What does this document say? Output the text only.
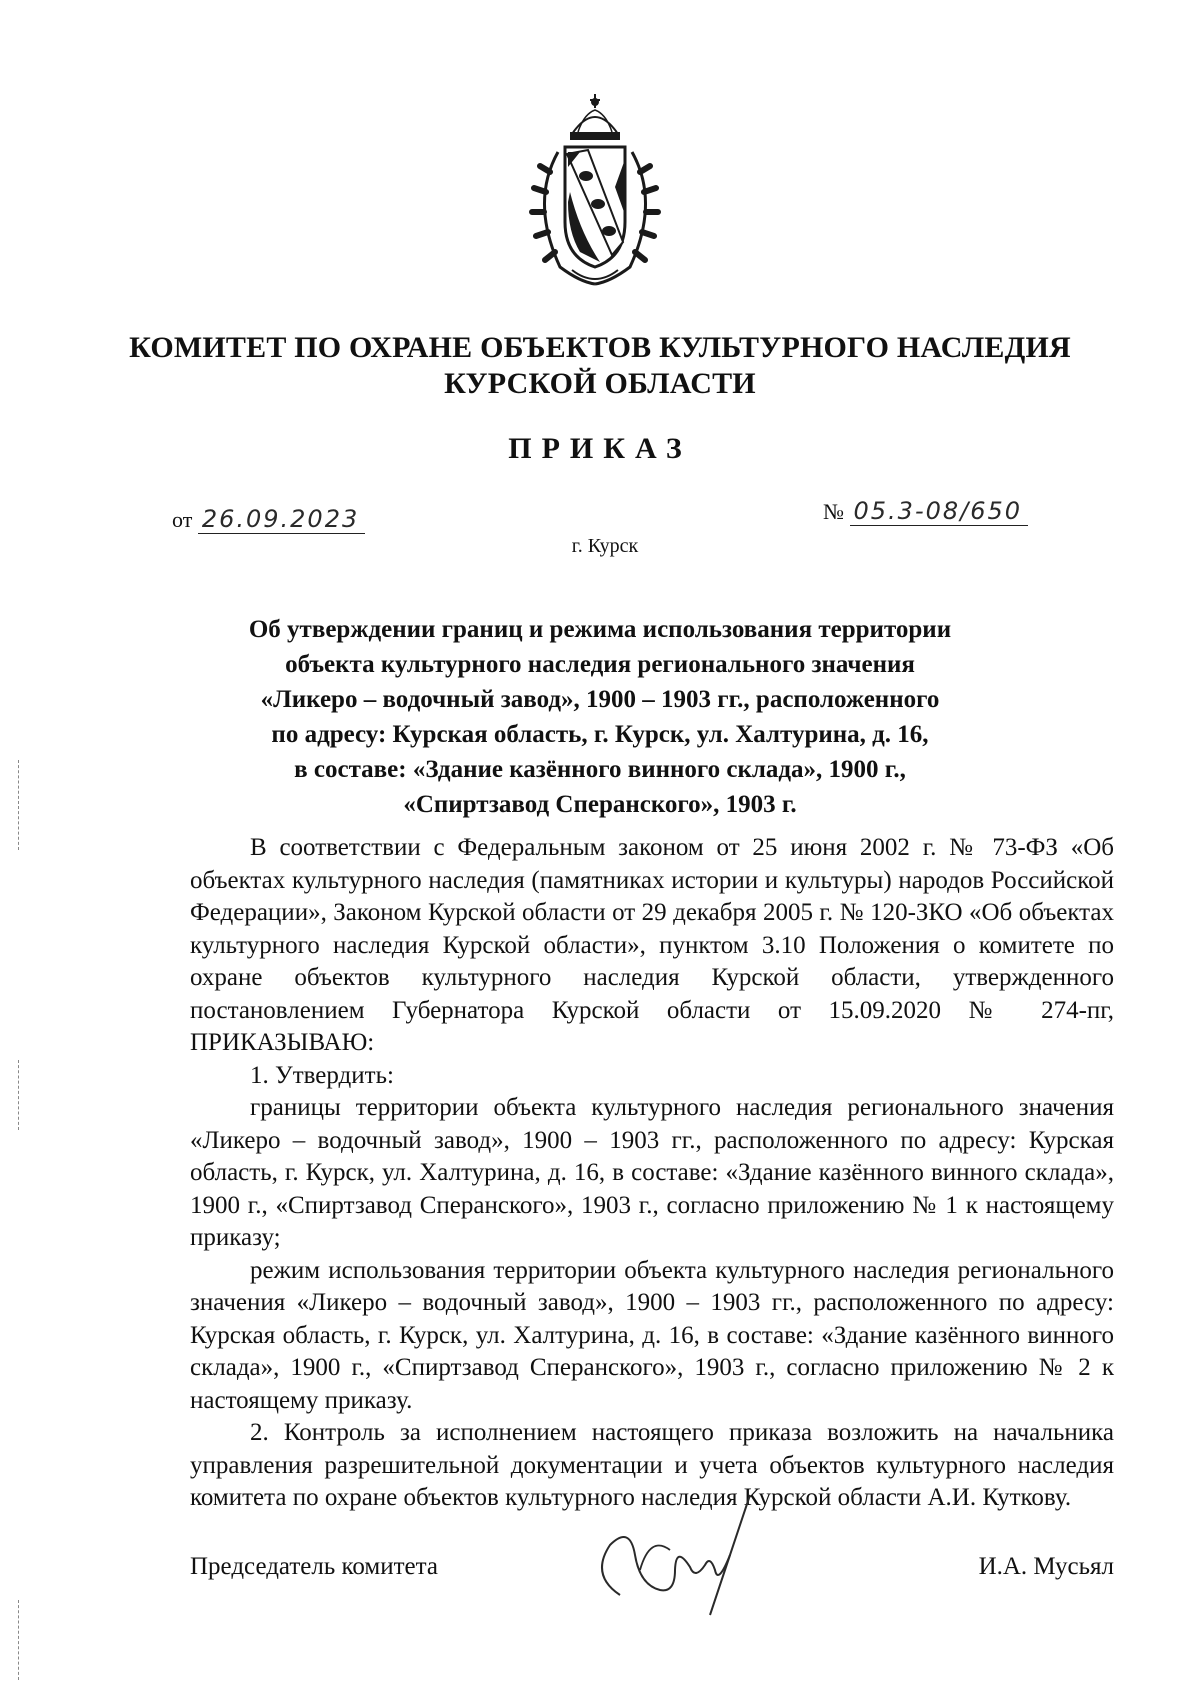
КОМИТЕТ ПО ОХРАНЕ ОБЪЕКТОВ КУЛЬТУРНОГО НАСЛЕДИЯ
КУРСКОЙ ОБЛАСТИ
ПРИКАЗ
от 26.09.2023	№ 05.3-08/650
г. Курск
Об утверждении границ и режима использования территории
объекта культурного наследия регионального значения
«Ликеро – водочный завод», 1900 – 1903 гг., расположенного
по адресу: Курская область, г. Курск, ул. Халтурина, д. 16,
в составе: «Здание казённого винного склада», 1900 г.,
«Спиртзавод Сперанского», 1903 г.

В соответствии с Федеральным законом от 25 июня 2002 г. № 73-ФЗ «Об объектах культурного наследия (памятниках истории и культуры) народов Российской Федерации», Законом Курской области от 29 декабря 2005 г. № 120-ЗКО «Об объектах культурного наследия Курской области», пунктом 3.10 Положения о комитете по охране объектов культурного наследия Курской области, утвержденного постановлением Губернатора Курской области от 15.09.2020 № 274-пг, ПРИКАЗЫВАЮ:

1. Утвердить:

границы территории объекта культурного наследия регионального значения «Ликеро – водочный завод», 1900 – 1903 гг., расположенного по адресу: Курская область, г. Курск, ул. Халтурина, д. 16, в составе: «Здание казённого винного склада», 1900 г., «Спиртзавод Сперанского», 1903 г., согласно приложению № 1 к настоящему приказу;

режим использования территории объекта культурного наследия регионального значения «Ликеро – водочный завод», 1900 – 1903 гг., расположенного по адресу: Курская область, г. Курск, ул. Халтурина, д. 16, в составе: «Здание казённого винного склада», 1900 г., «Спиртзавод Сперанского», 1903 г., согласно приложению № 2 к настоящему приказу.

2. Контроль за исполнением настоящего приказа возложить на начальника управления разрешительной документации и учета объектов культурного наследия комитета по охране объектов культурного наследия Курской области А.И. Куткову.

Председатель комитета	И.А. Мусьял
